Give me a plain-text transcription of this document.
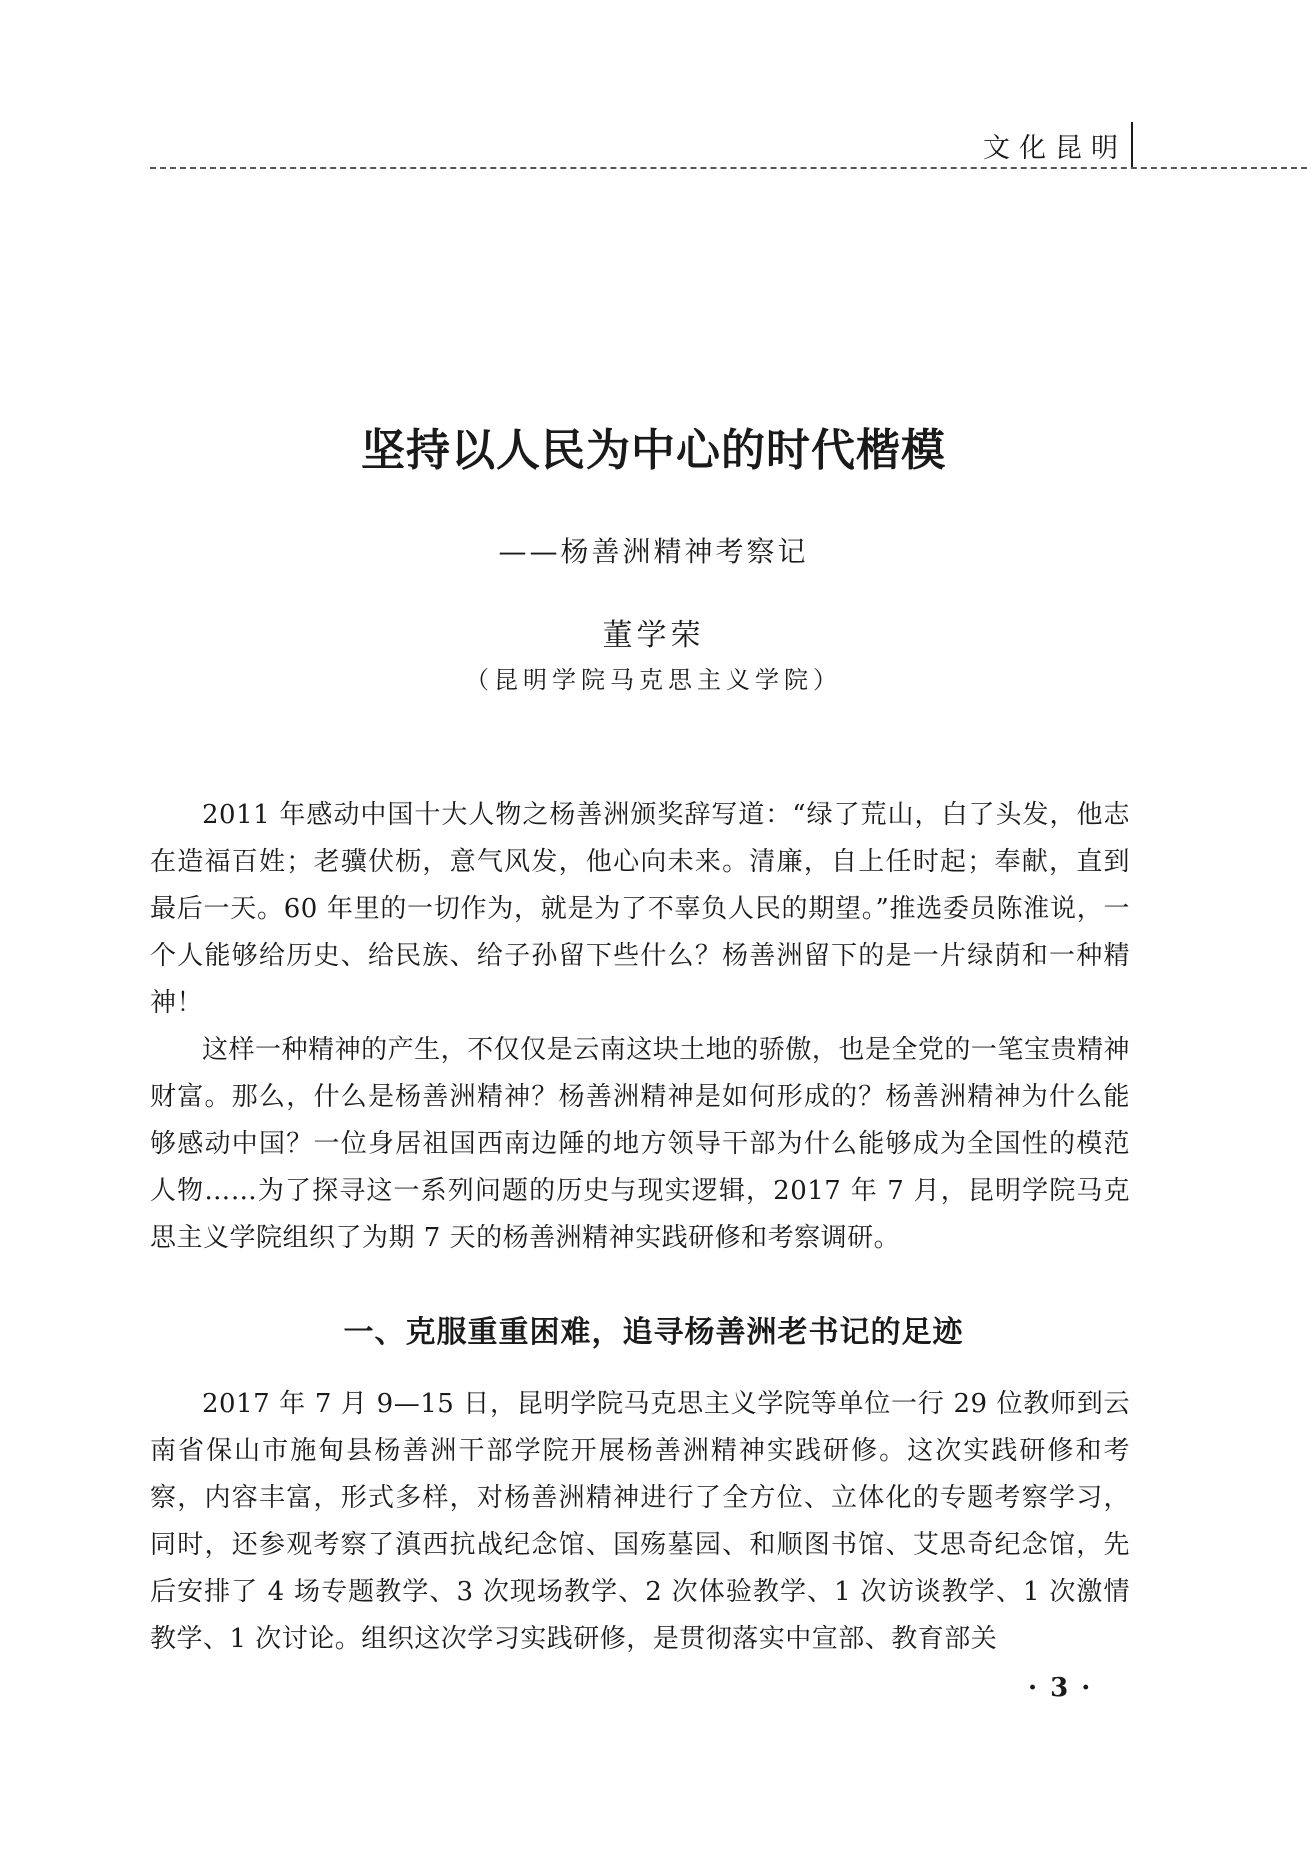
文化昆明
坚持以人民为中心的时代楷模
——杨善洲精神考察记
董学荣
（昆明学院马克思主义学院）

2011 年感动中国十大人物之杨善洲颁奖辞写道：“绿了荒山，白了头发，他志在造福百姓；老骥伏枥，意气风发，他心向未来。清廉，自上任时起；奉献，直到最后一天。60 年里的一切作为，就是为了不辜负人民的期望。”推选委员陈淮说，一个人能够给历史、给民族、给子孙留下些什么？杨善洲留下的是一片绿荫和一种精神！

这样一种精神的产生，不仅仅是云南这块土地的骄傲，也是全党的一笔宝贵精神财富。那么，什么是杨善洲精神？杨善洲精神是如何形成的？杨善洲精神为什么能够感动中国？一位身居祖国西南边陲的地方领导干部为什么能够成为全国性的模范人物……为了探寻这一系列问题的历史与现实逻辑，2017 年 7 月，昆明学院马克思主义学院组织了为期 7 天的杨善洲精神实践研修和考察调研。

一、克服重重困难，追寻杨善洲老书记的足迹

2017 年 7 月 9—15 日，昆明学院马克思主义学院等单位一行 29 位教师到云南省保山市施甸县杨善洲干部学院开展杨善洲精神实践研修。这次实践研修和考察，内容丰富，形式多样，对杨善洲精神进行了全方位、立体化的专题考察学习，同时，还参观考察了滇西抗战纪念馆、国殇墓园、和顺图书馆、艾思奇纪念馆，先后安排了 4 场专题教学、3 次现场教学、2 次体验教学、1 次访谈教学、1 次激情教学、1 次讨论。组织这次学习实践研修，是贯彻落实中宣部、教育部关

· 3 ·
